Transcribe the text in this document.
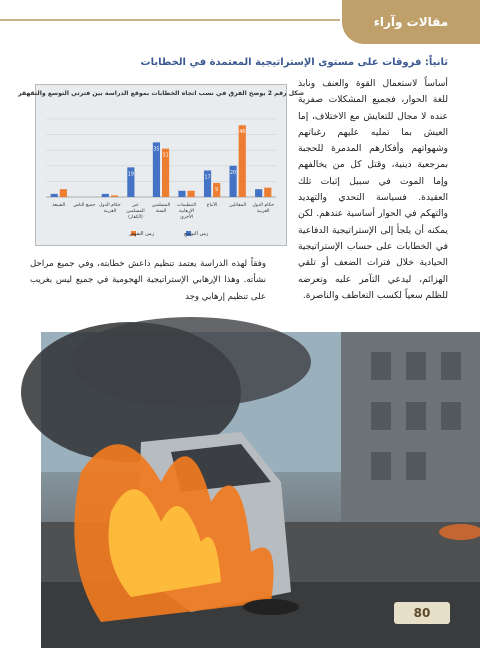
مقالات وآراء
ثانياً: فروقات على مستوى الإستراتيجية المعتمدة في الخطابات
أساساً لاستعمال القوة والعنف ونابذ للغة الحوار، فجميع المشكلات صفرية عنده لا مجال للتعايش مع الاختلاف، إما العيش بما تمليه عليهم رغباتهم وشهواتهم وأفكارهم المدمرة للحجبة بمرجعية دينية، وقتل كل من يخالفهم وإما الموت في سبيل إثبات تلك العقيدة. فسياسة التحدي والتهديد والتهكم في الحوار أساسية عندهم. لكن يمكنه أن يلجأ إلى الإستراتيجية الدفاعية في الخطابات على حساب الإستراتيجية الحيادية خلال فترات الضعف أو تلقي الهزائم، ليدعي التآمر عليه وتعرضه للظلم سعياً لكسب التعاطف والناصرة.
شكل رقم 2 يوضح الفرق في نسب اتجاه الخطابات بموقع الدراسة بين فترتي التوسع والتقهقر
حكام الدول
العربية
20
46
المقاتلين
17
9
الأتباع
التنظيمات
الإرهابية
الأخرى
35
31
المسلمين
السنة
19
غير
المسلمين
(الكفار)
حكام الدول
الغربية
جميع الناس
الشيعة
زمن التوسع
زمن التقهقر
وفقاً لهذه الدراسة يعتمد تنظيم داعش خطابته، وفي جميع مراحل نشأته. وهذا الإرهابي الإستراتيجية الهجومية في جميع ليس بغريب على تنظيم إرهابي وجد
80
